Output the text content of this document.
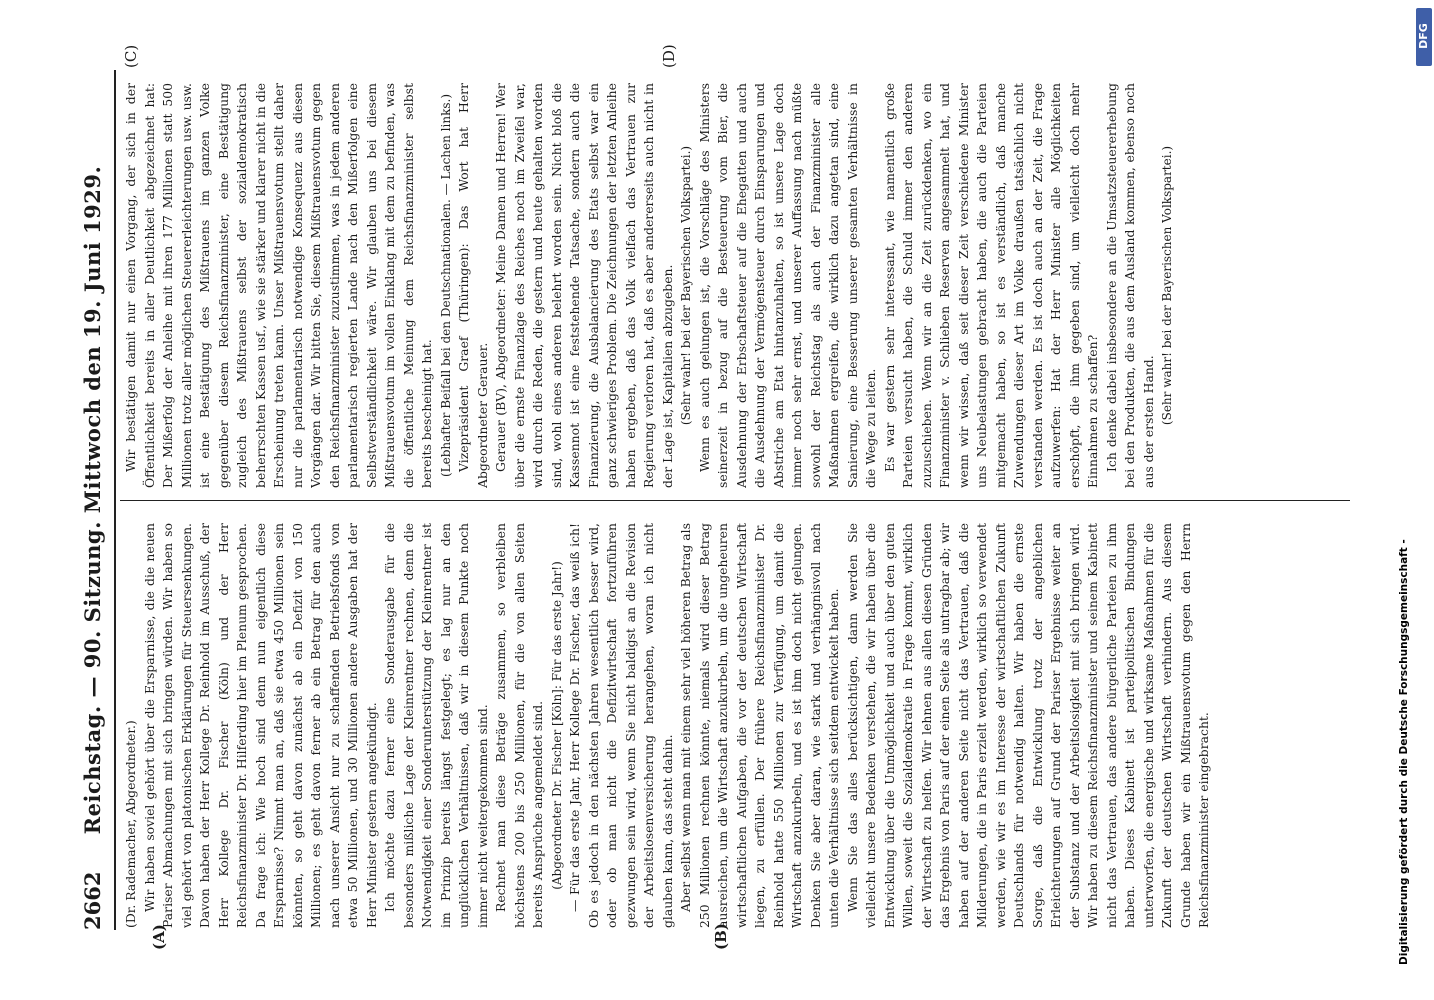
2662
Reichstag. — 90. Sitzung. Mittwoch den 19. Juni 1929.
(A)	(B)
(C)	(D)

(Dr. Rademacher, Abgeordneter.) Wir haben soviel gehört über die Ersparnisse, die die neuen Pariser Abmachungen mit sich bringen würden. Wir haben so viel gehört von platonischen Erklärungen für Steuersenkungen. Davon haben der Herr Kollege Dr. Reinhold im Ausschuß, der Herr Kollege Dr. Fischer (Köln) und der Herr Reichsfinanzminister Dr. Hilferding hier im Plenum gesprochen. Da frage ich: Wie hoch sind denn nun eigentlich diese Ersparnisse? Nimmt man an, daß sie etwa 450 Millionen sein könnten, so geht davon zunächst ab ein Defizit von 150 Millionen; es geht davon ferner ab ein Betrag für den auch nach unserer Ansicht nur zu schaffenden Betriebsfonds von etwa 50 Millionen, und 30 Millionen andere Ausgaben hat der Herr Minister gestern angekündigt. Ich möchte dazu ferner eine Sonderausgabe für die besonders mißliche Lage der Kleinrentner rechnen, denn die Notwendigkeit einer Sonderunterstützung der Kleinrentner ist im Prinzip bereits längst festgelegt; es lag nur an den unglücklichen Verhältnissen, daß wir in diesem Punkte noch immer nicht weitergekommen sind. Rechnet man diese Beträge zusammen, so verbleiben höchstens 200 bis 250 Millionen, für die von allen Seiten bereits Ansprüche angemeldet sind. (Abgeordneter Dr. Fischer [Köln]: Für das erste Jahr!) — Für das erste Jahr, Herr Kollege Dr. Fischer, das weiß ich! Ob es jedoch in den nächsten Jahren wesentlich besser wird, oder ob man nicht die Defizitwirtschaft fortzuführen gezwungen sein wird, wenn Sie nicht baldigst an die Revision der Arbeitslosenversicherung herangehen, woran ich nicht glauben kann, das steht dahin. Aber selbst wenn man mit einem sehr viel höheren Betrag als 250 Millionen rechnen könnte, niemals wird dieser Betrag ausreichen, um die Wirtschaft anzukurbeln, um die ungeheuren wirtschaftlichen Aufgaben, die vor der deutschen Wirtschaft liegen, zu erfüllen. Der frühere Reichsfinanzminister Dr. Reinhold hatte 550 Millionen zur Verfügung, um damit die Wirtschaft anzukurbeln, und es ist ihm doch nicht gelungen. Denken Sie aber daran, wie stark und verhängnisvoll nach unten die Verhältnisse sich seitdem entwickelt haben. Wenn Sie das alles berücksichtigen, dann werden Sie vielleicht unsere Bedenken verstehen, die wir haben über die Entwicklung über die Unmöglichkeit und auch über den guten Willen, soweit die Sozialdemokratie in Frage kommt, wirklich der Wirtschaft zu helfen. Wir lehnen aus allen diesen Gründen das Ergebnis von Paris auf der einen Seite als untragbar ab; wir haben auf der anderen Seite nicht das Vertrauen, daß die Milderungen, die in Paris erzielt werden, wirklich so verwendet werden, wie wir es im Interesse der wirtschaftlichen Zukunft Deutschlands für notwendig halten. Wir haben die ernste Sorge, daß die Entwicklung trotz der angeblichen Erleichterungen auf Grund der Pariser Ergebnisse weiter an der Substanz und der Arbeitslosigkeit mit sich bringen wird. Wir haben zu diesem Reichsfinanzminister und seinem Kabinett nicht das Vertrauen, das andere bürgerliche Parteien zu ihm haben. Dieses Kabinett ist parteipolitischen Bindungen unterworfen, die energische und wirksame Maßnahmen für die Zukunft der deutschen Wirtschaft verhindern. Aus diesem Grunde haben wir ein Mißtrauensvotum gegen den Herrn Reichsfinanzminister eingebracht.

Wir bestätigen damit nur einen Vorgang, der sich in der Öffentlichkeit bereits in aller Deutlichkeit abgezeichnet hat: Der Mißerfolg der Anleihe mit ihren 177 Millionen statt 500 Millionen trotz aller möglichen Steuererleichterungen usw. usw. ist eine Bestätigung des Mißtrauens im ganzen Volke gegenüber diesem Reichsfinanzminister, eine Bestätigung zugleich des Mißtrauens selbst der sozialdemokratisch beherrschten Kassen usf., wie sie stärker und klarer nicht in die Erscheinung treten kann. Unser Mißtrauensvotum stellt daher nur die parlamentarisch notwendige Konsequenz aus diesen Vorgängen dar. Wir bitten Sie, diesem Mißtrauensvotum gegen den Reichsfinanzminister zuzustimmen, was in jedem anderen parlamentarisch regierten Lande nach den Mißerfolgen eine Selbstverständlichkeit wäre. Wir glauben uns bei diesem Mißtrauensvotum im vollen Einklang mit dem zu befinden, was die öffentliche Meinung dem Reichsfinanzminister selbst bereits bescheinigt hat. (Lebhafter Beifall bei den Deutschnationalen. — Lachen links.) Vizepräsident Graef (Thüringen): Das Wort hat Herr Abgeordneter Gerauer. Gerauer (BV), Abgeordneter: Meine Damen und Herren! Wer über die ernste Finanzlage des Reiches noch im Zweifel war, wird durch die Reden, die gestern und heute gehalten worden sind, wohl eines anderen belehrt worden sein. Nicht bloß die Kassennot ist eine feststehende Tatsache, sondern auch die Finanzierung, die Ausbalancierung des Etats selbst war ein ganz schwieriges Problem. Die Zeichnungen der letzten Anleihe haben ergeben, daß das Volk vielfach das Vertrauen zur Regierung verloren hat, daß es aber andererseits auch nicht in der Lage ist, Kapitalien abzugeben. (Sehr wahr! bei der Bayerischen Volkspartei.) Wenn es auch gelungen ist, die Vorschläge des Ministers seinerzeit in bezug auf die Besteuerung vom Bier, die Ausdehnung der Erbschaftsteuer auf die Ehegatten und auch die Ausdehnung der Vermögensteuer durch Einsparungen und Abstriche am Etat hintanzuhalten, so ist unsere Lage doch immer noch sehr ernst, und unserer Auffassung nach müßte sowohl der Reichstag als auch der Finanzminister alle Maßnahmen ergreifen, die wirklich dazu angetan sind, eine Sanierung, eine Besserung unserer gesamten Verhältnisse in die Wege zu leiten. Es war gestern sehr interessant, wie namentlich große Parteien versucht haben, die Schuld immer den anderen zuzuschieben. Wenn wir an die Zeit zurückdenken, wo ein Finanzminister v. Schlieben Reserven angesammelt hat, und wenn wir wissen, daß seit dieser Zeit verschiedene Minister uns Neubelastungen gebracht haben, die auch die Parteien mitgemacht haben, so ist es verständlich, daß manche Zuwendungen dieser Art im Volke draußen tatsächlich nicht verstanden werden. Es ist doch auch an der Zeit, die Frage aufzuwerfen: Hat der Herr Minister alle Möglichkeiten erschöpft, die ihm gegeben sind, um vielleicht doch mehr Einnahmen zu schaffen? Ich denke dabei insbesondere an die Umsatzsteuererhebung bei den Produkten, die aus dem Ausland kommen, ebenso noch aus der ersten Hand. (Sehr wahr! bei der Bayerischen Volkspartei.)

Digitalisierung gefördert durch die Deutsche Forschungsgemeinschaft -
DFG
